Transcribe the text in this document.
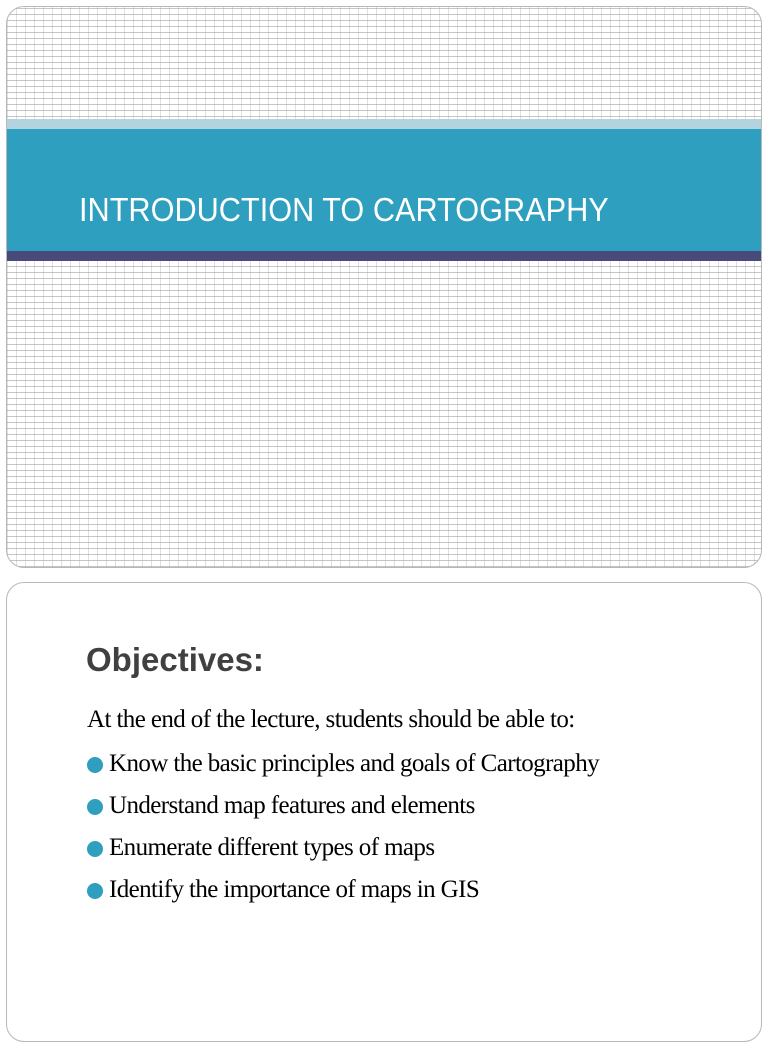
INTRODUCTION TO CARTOGRAPHY
Objectives:
At the end of the lecture, students should be able to:
Know the basic principles and goals of Cartography
Understand map features and elements
Enumerate different types of maps
Identify the importance of maps in GIS
